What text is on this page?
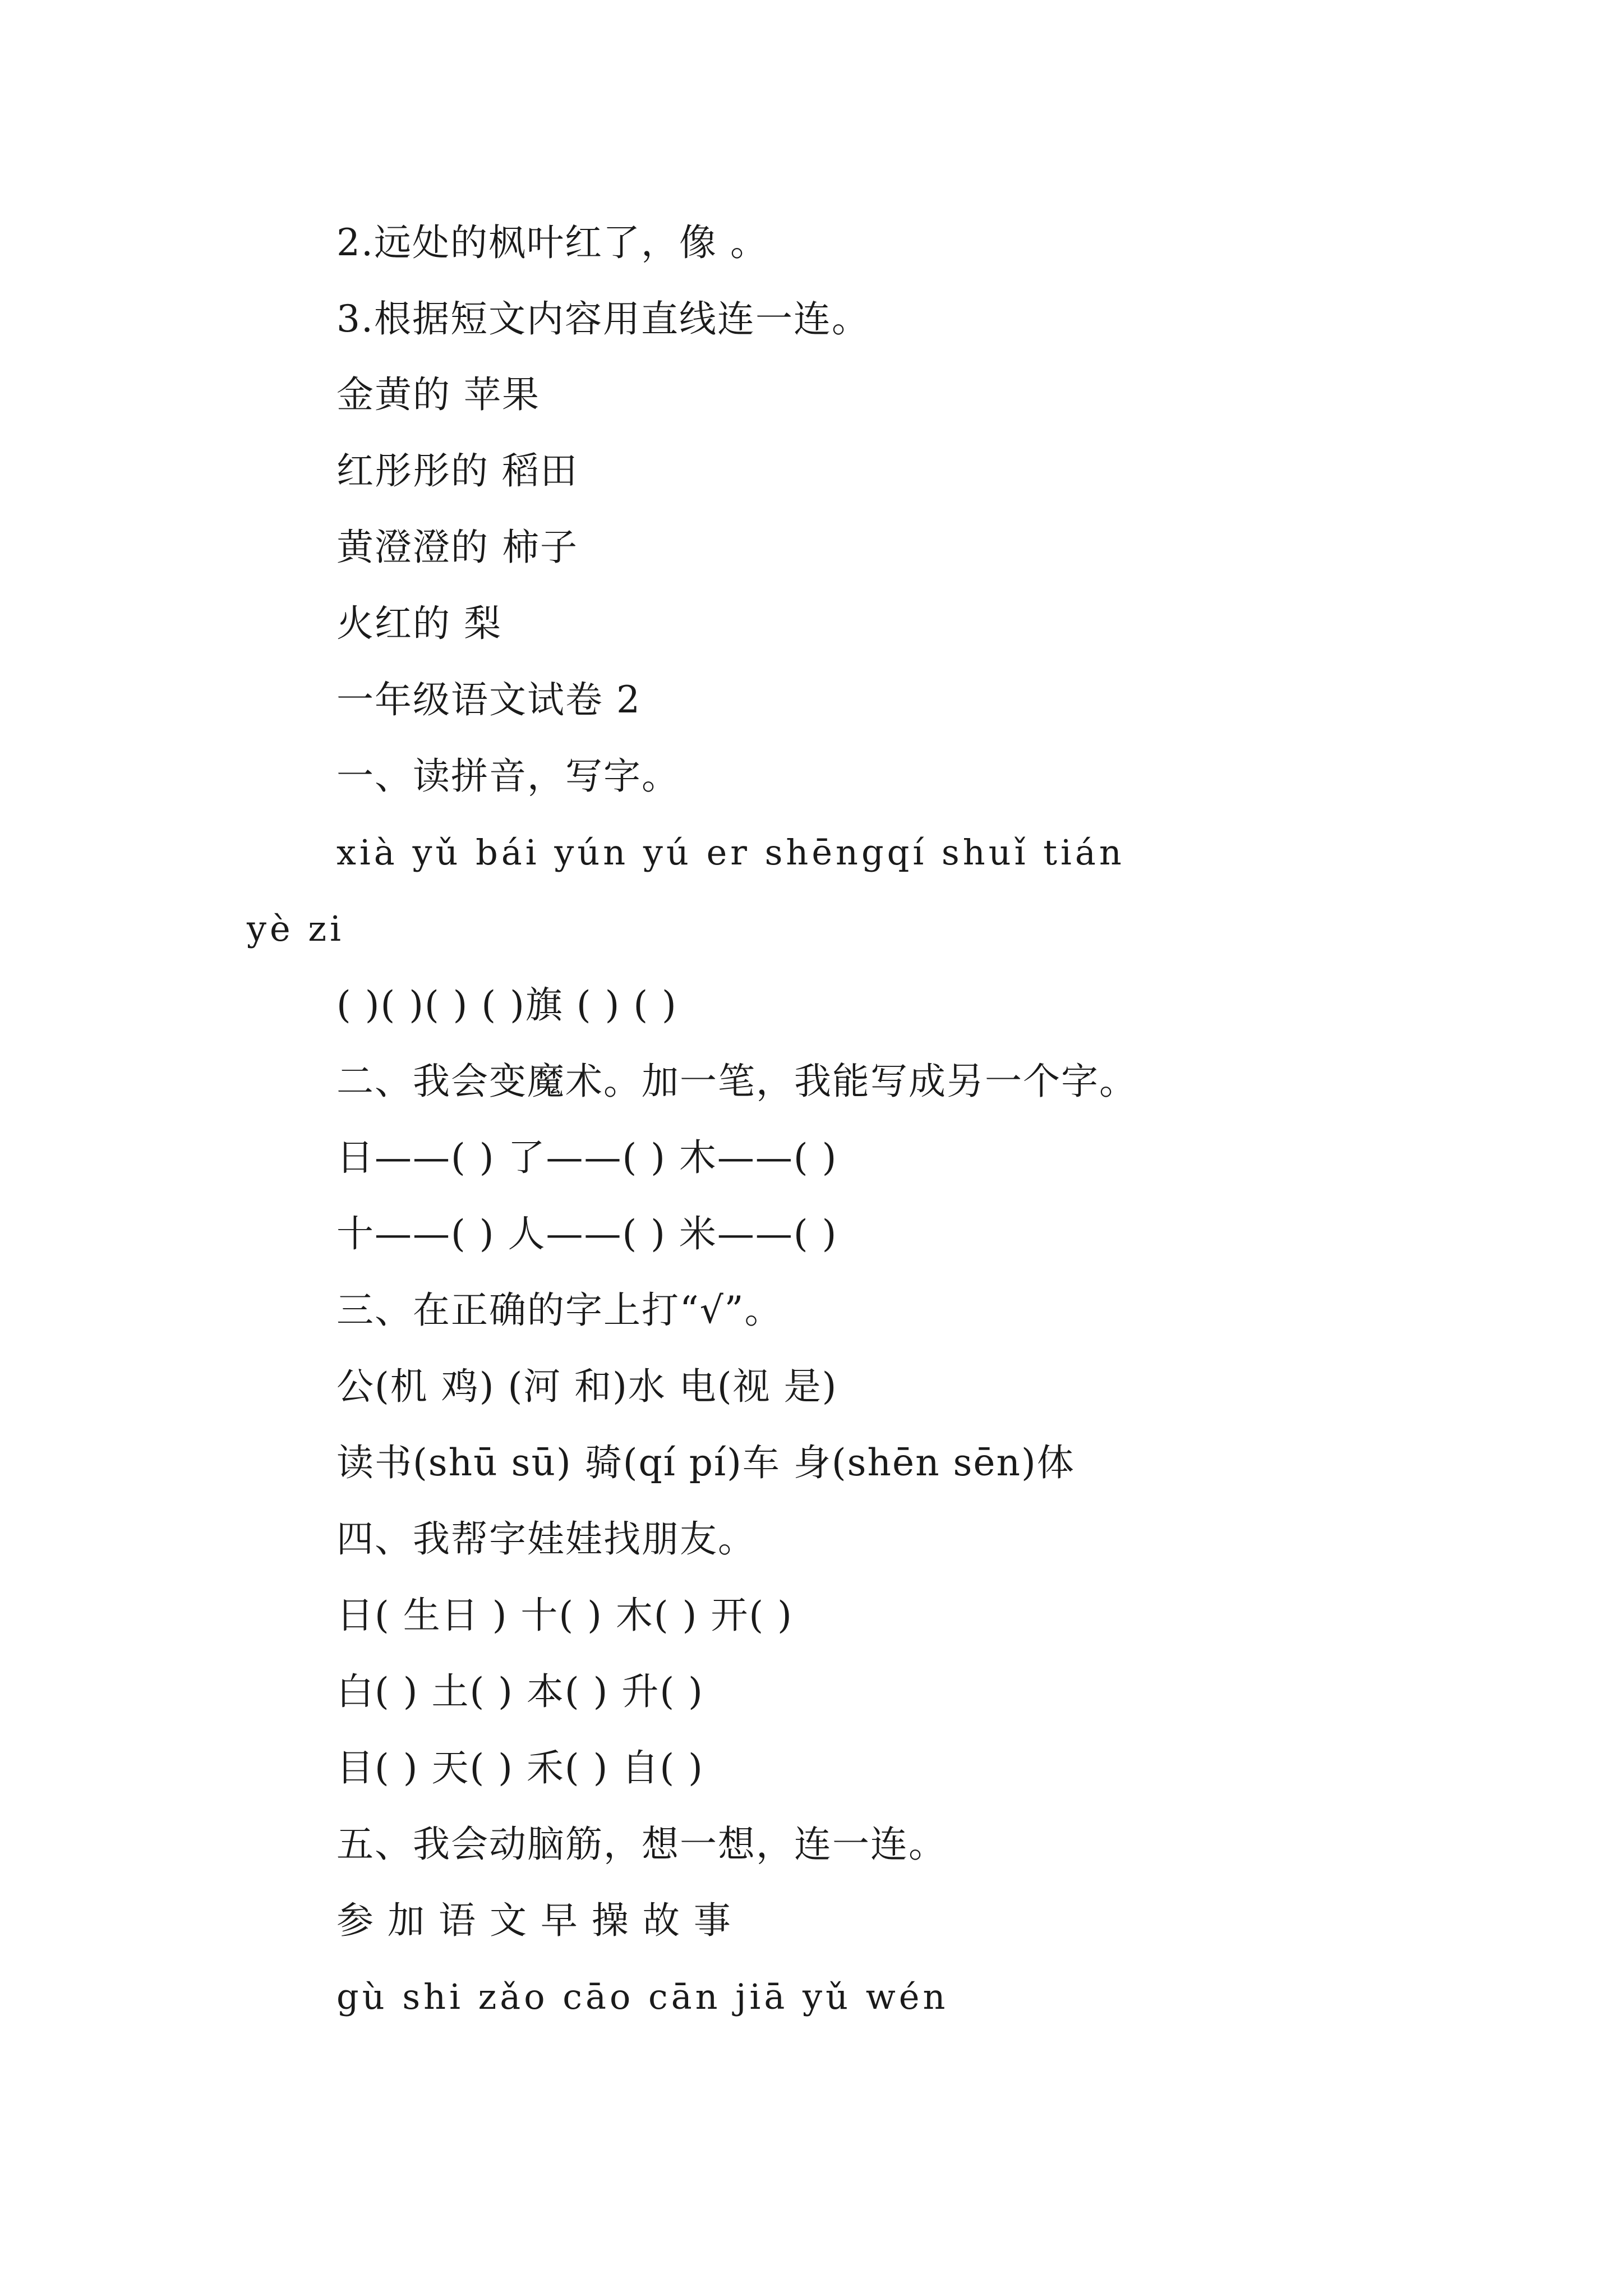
2.远处的枫叶红了，像 。
3.根据短文内容用直线连一连。
金黄的 苹果
红彤彤的 稻田
黄澄澄的 柿子
火红的 梨
一年级语文试卷 2
一、读拼音，写字。
xià yǔ bái yún yú er shēngqí shuǐ tián
yè zi
( )( )( ) ( )旗 ( ) ( )
二、我会变魔术。加一笔，我能写成另一个字。
日——( ) 了——( ) 木——( )
十——( ) 人——( ) 米——( )
三、在正确的字上打“√”。
公(机 鸡) (河 和)水 电(视 是)
读书(shū sū) 骑(qí pí)车 身(shēn sēn)体
四、我帮字娃娃找朋友。
日( 生日 ) 十( ) 木( ) 开( )
白( ) 土( ) 本( ) 升( )
目( ) 天( ) 禾( ) 自( )
五、我会动脑筋，想一想，连一连。
参 加 语 文 早 操 故 事
gù shi zǎo cāo cān jiā yǔ wén
